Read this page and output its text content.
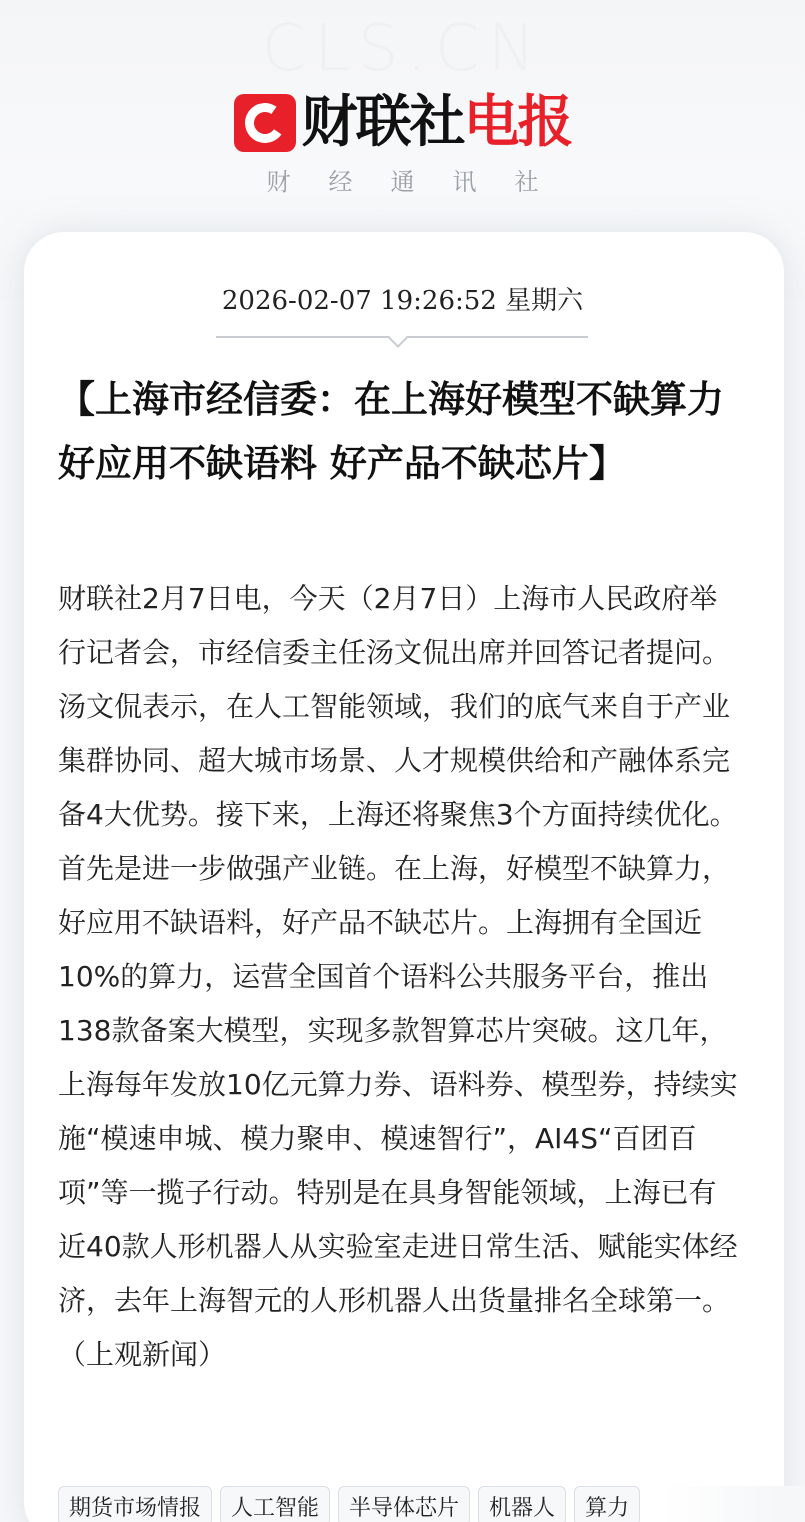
CLS.CN
财联社 电报
财经通讯社
2026-02-07 19:26:52 星期六
【上海市经信委：在上海好模型不缺算力 好应用不缺语料 好产品不缺芯片】
财联社2月7日电，今天（2月7日）上海市人民政府举行记者会，市经信委主任汤文侃出席并回答记者提问。汤文侃表示，在人工智能领域，我们的底气来自于产业集群协同、超大城市场景、人才规模供给和产融体系完备4大优势。接下来，上海还将聚焦3个方面持续优化。首先是进一步做强产业链。在上海，好模型不缺算力，好应用不缺语料，好产品不缺芯片。上海拥有全国近10%的算力，运营全国首个语料公共服务平台，推出138款备案大模型，实现多款智算芯片突破。这几年，上海每年发放10亿元算力券、语料券、模型券，持续实施“模速申城、模力聚申、模速智行”，AI4S“百团百项”等一揽子行动。特别是在具身智能领域，上海已有近40款人形机器人从实验室走进日常生活、赋能实体经济，去年上海智元的人形机器人出货量排名全球第一。（上观新闻）
期货市场情报	人工智能	半导体芯片	机器人	算力
